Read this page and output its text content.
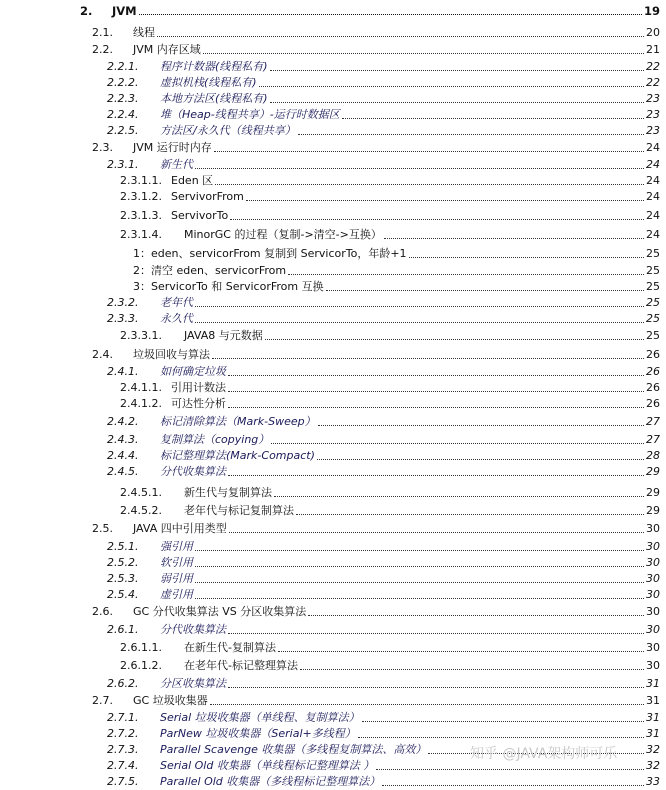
2. JVM	19
2.1. 线程	20
2.2. JVM 内存区域	21
2.2.1. 程序计数器(线程私有)	22
2.2.2. 虚拟机栈(线程私有)	22
2.2.3. 本地方法区(线程私有)	23
2.2.4. 堆（Heap-线程共享）-运行时数据区	23
2.2.5. 方法区/永久代（线程共享）	23
2.3. JVM 运行时内存	24
2.3.1. 新生代	24
2.3.1.1. Eden 区	24
2.3.1.2. ServivorFrom	24
2.3.1.3. ServivorTo	24
2.3.1.4. MinorGC 的过程（复制->清空->互换）	24
1：eden、servicorFrom 复制到 ServicorTo，年龄+1	25
2：清空 eden、servicorFrom	25
3：ServicorTo 和 ServicorFrom 互换	25
2.3.2. 老年代	25
2.3.3. 永久代	25
2.3.3.1. JAVA8 与元数据	25
2.4. 垃圾回收与算法	26
2.4.1. 如何确定垃圾	26
2.4.1.1. 引用计数法	26
2.4.1.2. 可达性分析	26
2.4.2. 标记清除算法（Mark-Sweep）	27
2.4.3. 复制算法（copying）	27
2.4.4. 标记整理算法(Mark-Compact)	28
2.4.5. 分代收集算法	29
2.4.5.1. 新生代与复制算法	29
2.4.5.2. 老年代与标记复制算法	29
2.5. JAVA 四中引用类型	30
2.5.1. 强引用	30
2.5.2. 软引用	30
2.5.3. 弱引用	30
2.5.4. 虚引用	30
2.6. GC 分代收集算法 VS 分区收集算法	30
2.6.1. 分代收集算法	30
2.6.1.1. 在新生代-复制算法	30
2.6.1.2. 在老年代-标记整理算法	30
2.6.2. 分区收集算法	31
2.7. GC 垃圾收集器	31
2.7.1. Serial 垃圾收集器（单线程、复制算法）	31
2.7.2. ParNew 垃圾收集器（Serial+多线程）	31
2.7.3. Parallel Scavenge 收集器（多线程复制算法、高效）	32
2.7.4. Serial Old 收集器（单线程标记整理算法 ）	32
2.7.5. Parallel Old 收集器（多线程标记整理算法）	33
知乎 @JAVA架构师可乐
